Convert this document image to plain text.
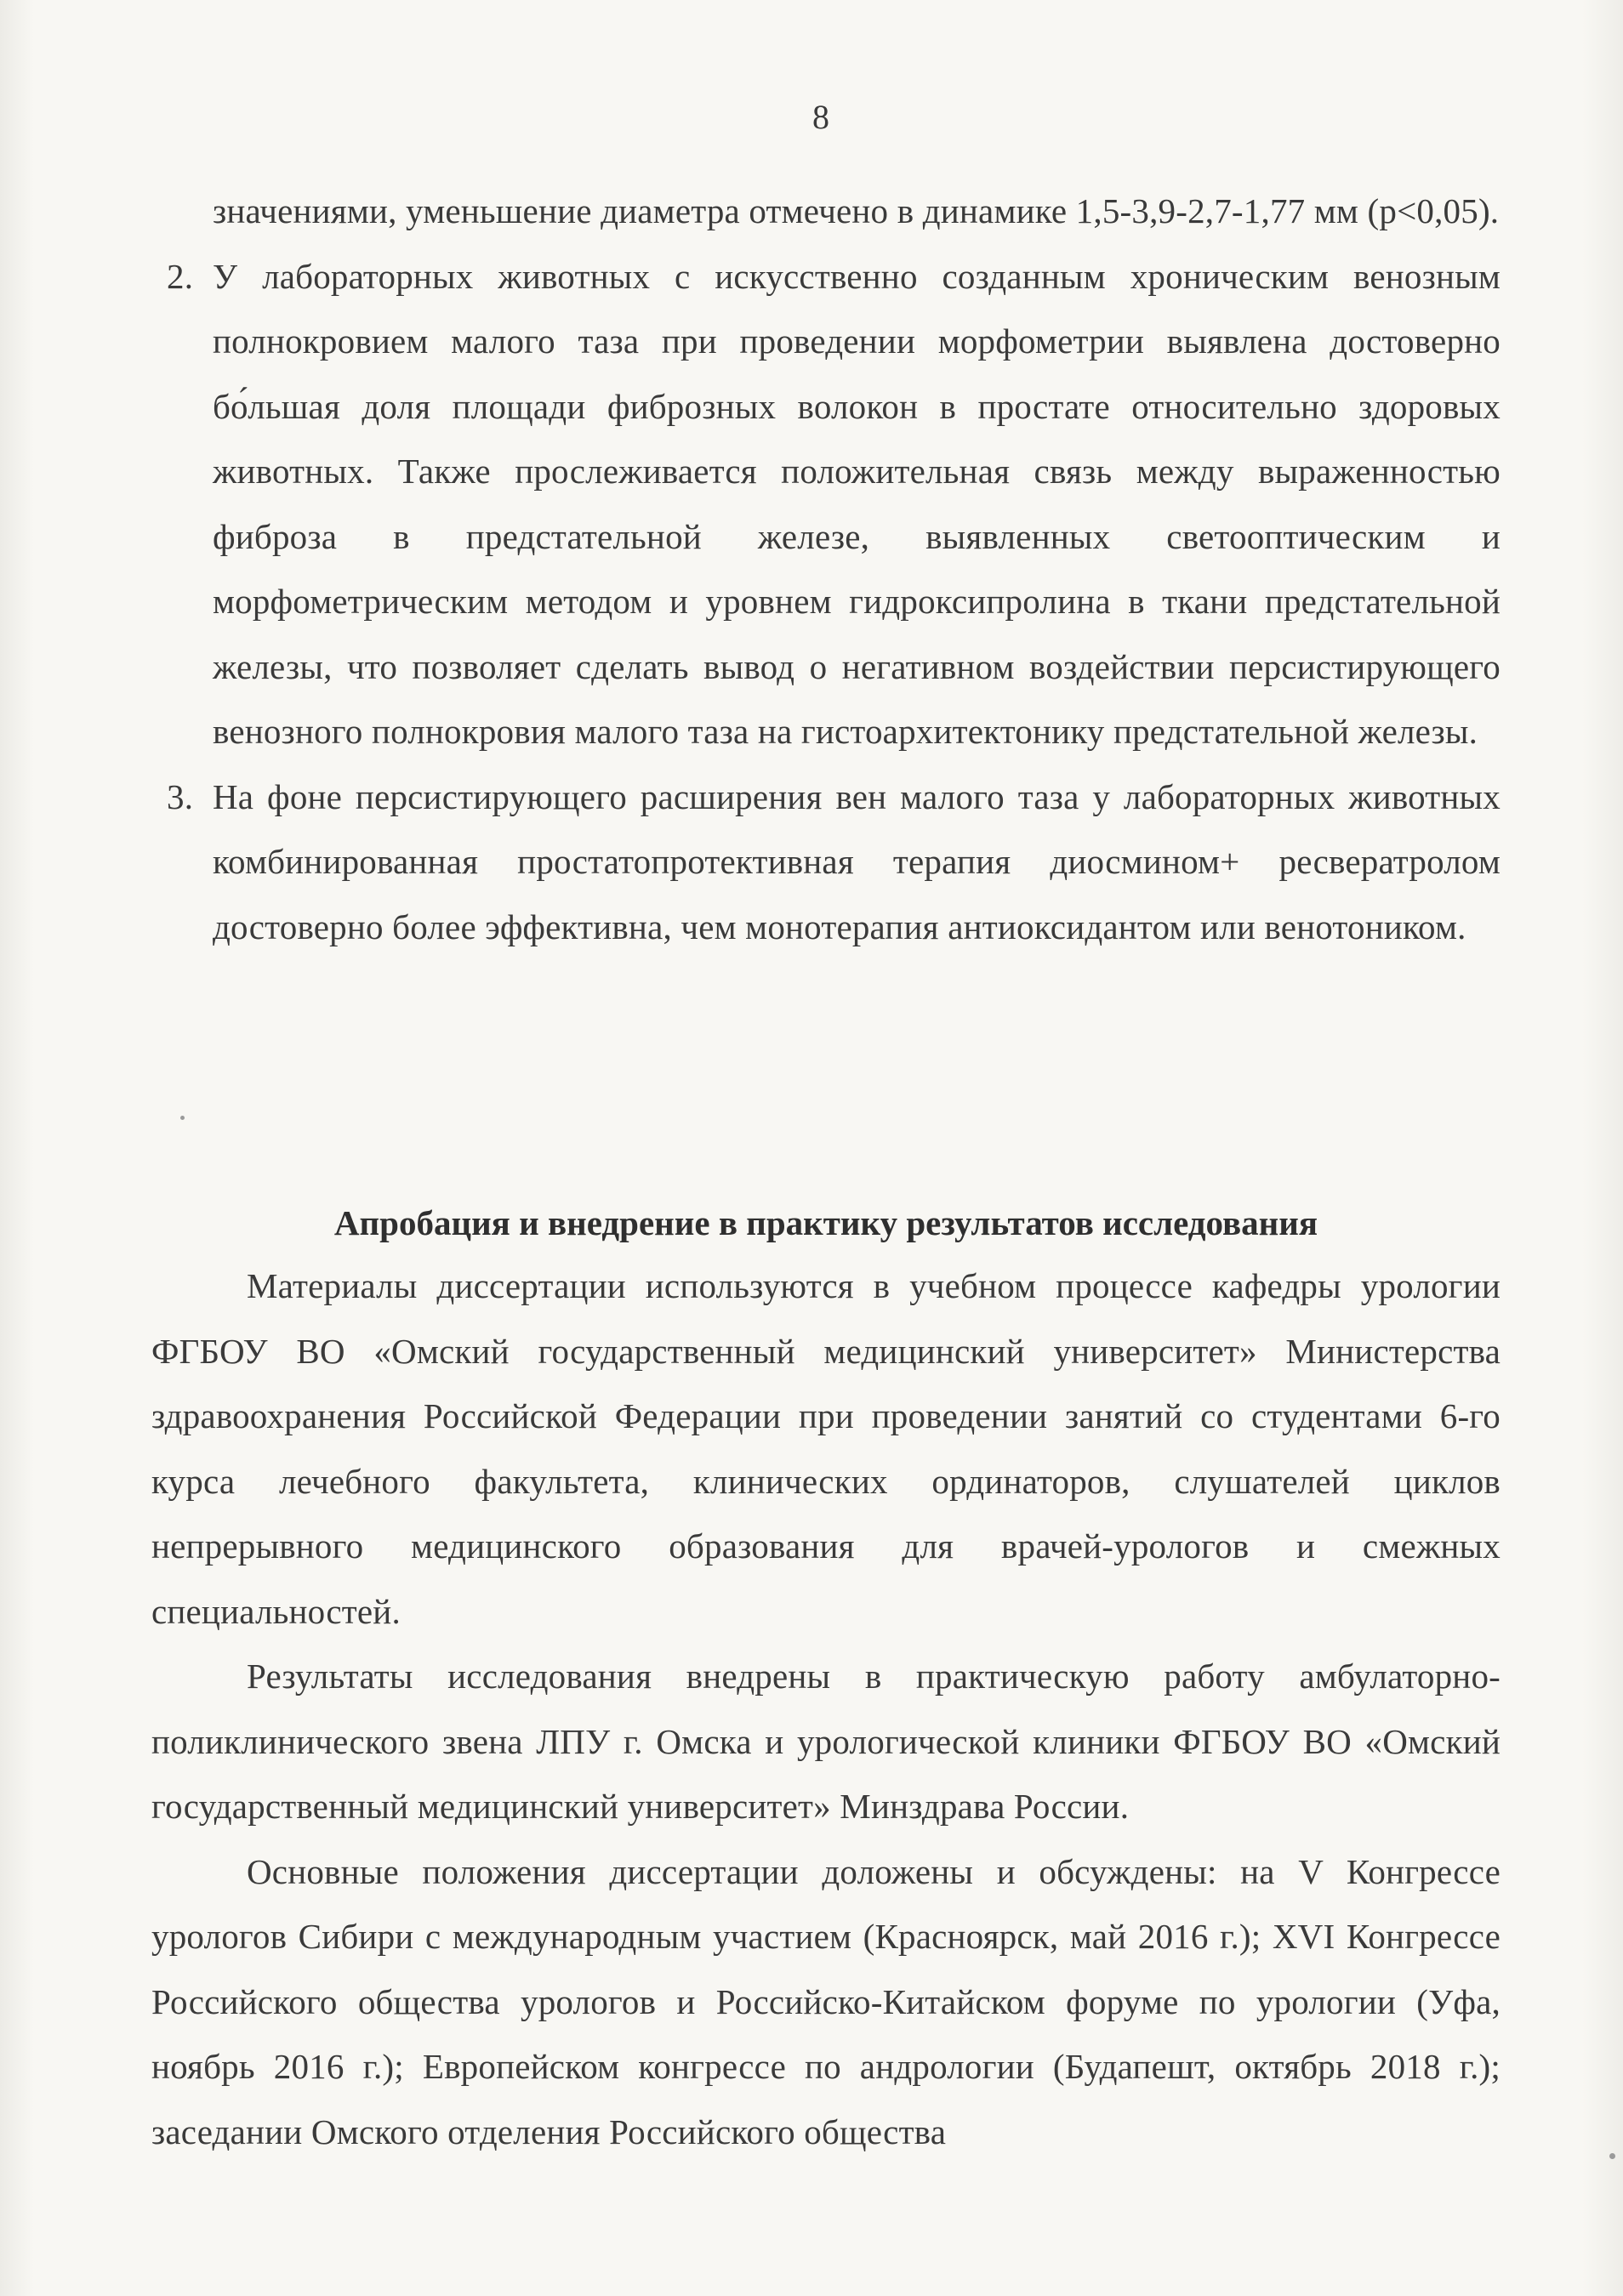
8
значениями, уменьшение диаметра отмечено в динамике 1,5-3,9-2,7-1,77 мм (p<0,05).
2. У лабораторных животных с искусственно созданным хроническим венозным полнокровием малого таза при проведении морфометрии выявлена достоверно бо́льшая доля площади фиброзных волокон в простате относительно здоровых животных. Также прослеживается положительная связь между выраженностью фиброза в предстательной железе, выявленных светооптическим и морфометрическим методом и уровнем гидроксипролина в ткани предстательной железы, что позволяет сделать вывод о негативном воздействии персистирующего венозного полнокровия малого таза на гистоархитектонику предстательной железы.
3. На фоне персистирующего расширения вен малого таза у лабораторных животных комбинированная простатопротективная терапия диосмином+ ресвератролом достоверно более эффективна, чем монотерапия антиоксидантом или венотоником.
Апробация и внедрение в практику результатов исследования

Материалы диссертации используются в учебном процессе кафедры урологии ФГБОУ ВО «Омский государственный медицинский университет» Министерства здравоохранения Российской Федерации при проведении занятий со студентами 6-го курса лечебного факультета, клинических ординаторов, слушателей циклов непрерывного медицинского образования для врачей-урологов и смежных специальностей.

Результаты исследования внедрены в практическую работу амбулаторно-поликлинического звена ЛПУ г. Омска и урологической клиники ФГБОУ ВО «Омский государственный медицинский университет» Минздрава России.

Основные положения диссертации доложены и обсуждены: на V Конгрессе урологов Сибири с международным участием (Красноярск, май 2016 г.); XVI Конгрессе Российского общества урологов и Российско-Китайском форуме по урологии (Уфа, ноябрь 2016 г.); Европейском конгрессе по андрологии (Будапешт, октябрь 2018 г.); заседании Омского отделения Российского общества
